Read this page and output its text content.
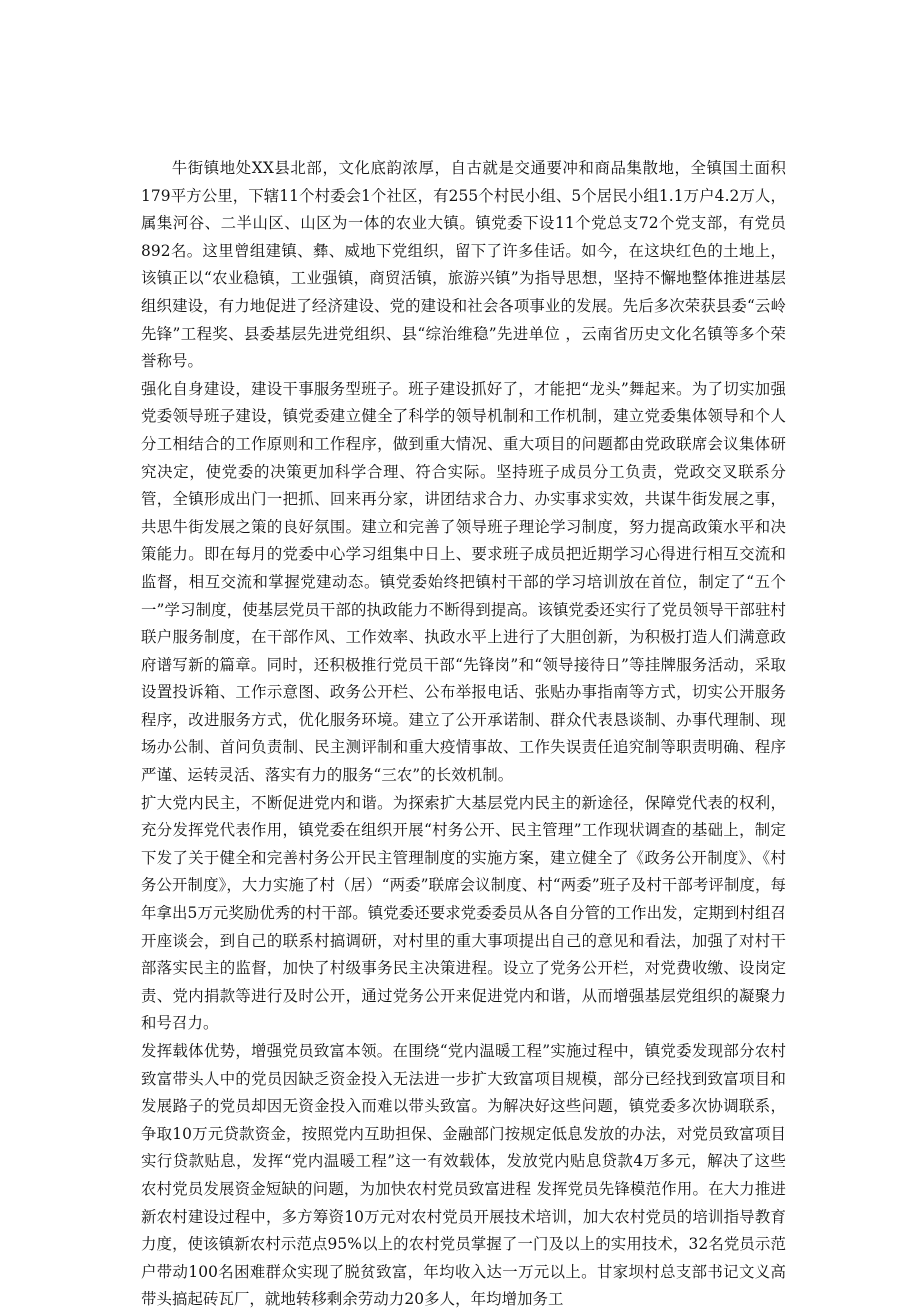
牛街镇地处XX县北部，文化底韵浓厚，自古就是交通要冲和商品集散地，全镇国土面积179平方公里，下辖11个村委会1个社区，有255个村民小组、5个居民小组1.1万户4.2万人，属集河谷、二半山区、山区为一体的农业大镇。镇党委下设11个党总支72个党支部，有党员892名。这里曾组建镇、彝、威地下党组织，留下了许多佳话。如今，在这块红色的土地上，该镇正以“农业稳镇，工业强镇，商贸活镇，旅游兴镇”为指导思想，坚持不懈地整体推进基层组织建设，有力地促进了经济建设、党的建设和社会各项事业的发展。先后多次荣获县委“云岭先锋”工程奖、县委基层先进党组织、县“综治维稳”先进单位 ，云南省历史文化名镇等多个荣誉称号。

强化自身建设，建设干事服务型班子。班子建设抓好了，才能把“龙头”舞起来。为了切实加强党委领导班子建设，镇党委建立健全了科学的领导机制和工作机制，建立党委集体领导和个人分工相结合的工作原则和工作程序，做到重大情况、重大项目的问题都由党政联席会议集体研究决定，使党委的决策更加科学合理、符合实际。坚持班子成员分工负责，党政交叉联系分管，全镇形成出门一把抓、回来再分家，讲团结求合力、办实事求实效，共谋牛街发展之事，共思牛街发展之策的良好氛围。建立和完善了领导班子理论学习制度，努力提高政策水平和决策能力。即在每月的党委中心学习组集中日上、要求班子成员把近期学习心得进行相互交流和监督，相互交流和掌握党建动态。镇党委始终把镇村干部的学习培训放在首位，制定了“五个一”学习制度，使基层党员干部的执政能力不断得到提高。该镇党委还实行了党员领导干部驻村联户服务制度，在干部作风、工作效率、执政水平上进行了大胆创新，为积极打造人们满意政府谱写新的篇章。同时，还积极推行党员干部“先锋岗”和“领导接待日”等挂牌服务活动，采取设置投诉箱、工作示意图、政务公开栏、公布举报电话、张贴办事指南等方式，切实公开服务程序，改进服务方式，优化服务环境。建立了公开承诺制、群众代表恳谈制、办事代理制、现场办公制、首问负责制、民主测评制和重大疫情事故、工作失误责任追究制等职责明确、程序严谨、运转灵活、落实有力的服务“三农”的长效机制。

扩大党内民主，不断促进党内和谐。为探索扩大基层党内民主的新途径，保障党代表的权利，充分发挥党代表作用，镇党委在组织开展“村务公开、民主管理”工作现状调查的基础上，制定下发了关于健全和完善村务公开民主管理制度的实施方案，建立健全了《政务公开制度》、《村务公开制度》，大力实施了村（居）“两委”联席会议制度、村“两委”班子及村干部考评制度，每年拿出5万元奖励优秀的村干部。镇党委还要求党委委员从各自分管的工作出发，定期到村组召开座谈会，到自己的联系村搞调研，对村里的重大事项提出自己的意见和看法，加强了对村干部落实民主的监督，加快了村级事务民主决策进程。设立了党务公开栏，对党费收缴、设岗定责、党内捐款等进行及时公开，通过党务公开来促进党内和谐，从而增强基层党组织的凝聚力和号召力。

发挥载体优势，增强党员致富本领。在围绕“党内温暖工程”实施过程中，镇党委发现部分农村致富带头人中的党员因缺乏资金投入无法进一步扩大致富项目规模，部分已经找到致富项目和发展路子的党员却因无资金投入而难以带头致富。为解决好这些问题，镇党委多次协调联系，争取10万元贷款资金，按照党内互助担保、金融部门按规定低息发放的办法，对党员致富项目实行贷款贴息，发挥“党内温暖工程”这一有效载体，发放党内贴息贷款4万多元，解决了这些农村党员发展资金短缺的问题，为加快农村党员致富进程 发挥党员先锋模范作用。在大力推进新农村建设过程中，多方筹资10万元对农村党员开展技术培训，加大农村党员的培训指导教育力度，使该镇新农村示范点95%以上的农村党员掌握了一门及以上的实用技术，32名党员示范户带动100名困难群众实现了脱贫致富，年均收入达一万元以上。甘家坝村总支部书记文义高带头搞起砖瓦厂，就地转移剩余劳动力20多人，年均增加务工
